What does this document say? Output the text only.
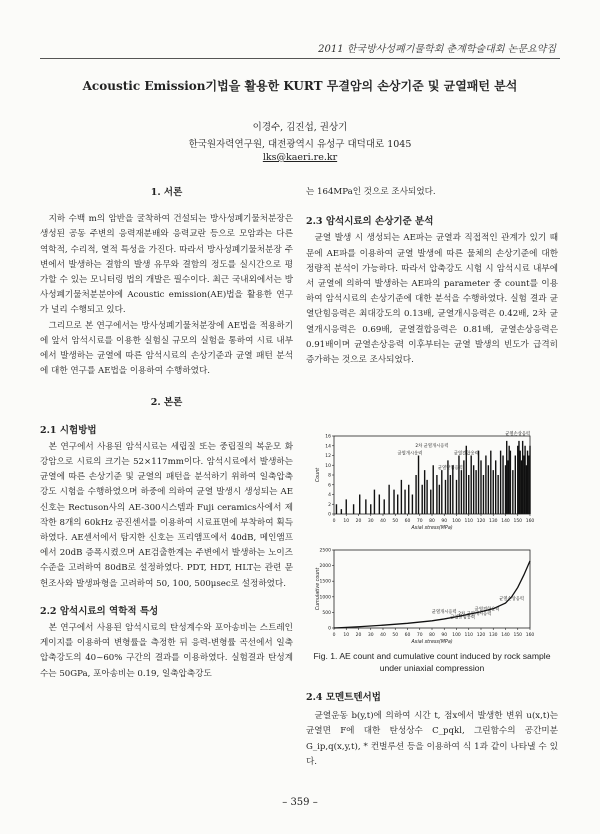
2011 한국방사성폐기물학회 춘계학술대회 논문요약집
Acoustic Emission기법을 활용한 KURT 무결암의 손상기준 및 균열패턴 분석
이경수, 김진섭, 권상기
한국원자력연구원, 대전광역시 유성구 대덕대로 1045
lks@kaeri.re.kr

1. 서론

지하 수백 m의 암반을 굴착하여 건설되는 방사성폐기물처분장은 생성된 공동 주변의 응력재분배와 응력교란 등으로 모암과는 다른 역학적, 수리적, 열적 특성을 가진다. 따라서 방사성폐기물처분장 주변에서 발생하는 결함의 발생 유무와 결함의 정도를 실시간으로 평가할 수 있는 모니터링 법의 개발은 필수이다. 최근 국내외에서는 방사성폐기물처분분야에 Acoustic emission(AE)법을 활용한 연구가 널리 수행되고 있다.

그리므로 본 연구에서는 방사성폐기물처분장에 AE법을 적용하기에 앞서 암석시료를 이용한 실험실 규모의 실험을 통하여 시료 내부에서 발생하는 균열에 따른 암석시료의 손상기준과 균열 패턴 분석에 대한 연구를 AE법을 이용하여 수행하였다.

2. 본론

2.1 시험방법

본 연구에서 사용된 암석시료는 세립질 또는 중립질의 복운모 화강암으로 시료의 크기는 52×117mm이다. 암석시료에서 발생하는 균열에 따른 손상기준 및 균열의 패턴을 분석하기 위하여 일축압축강도 시험을 수행하였으며 하중에 의하여 균열 발생시 생성되는 AE 신호는 Rectuson사의 AE-300시스템과 Fuji ceramics사에서 제작한 8개의 60kHz 공진센서를 이용하여 시료표면에 부착하여 획득하였다. AE센서에서 탐지한 신호는 프리앰프에서 40dB, 메인앰프에서 20dB 증폭시켰으며 AE검출한계는 주변에서 발생하는 노이즈 수준을 고려하여 80dB로 설정하였다. PDT, HDT, HLT는 관련 문헌조사와 발생파형을 고려하여 50, 100, 500μsec로 설정하였다.

2.2 암석시료의 역학적 특성

본 연구에서 사용된 암석시료의 탄성계수와 포아송비는 스트레인게이지를 이용하여 변형률을 측정한 뒤 응력-변형률 곡선에서 일축압축강도의 40~60% 구간의 결과를 이용하였다. 실험결과 탄성계수는 50GPa, 포아송비는 0.19, 일축압축강도

는 164MPa인 것으로 조사되었다.

2.3 암석시료의 손상기준 분석

균열 발생 시 생성되는 AE파는 균열과 직접적인 관계가 있기 때문에 AE파를 이용하여 균열 발생에 따른 물체의 손상기준에 대한 정량적 분석이 가능하다. 따라서 압축강도 시험 시 암석시료 내부에서 균열에 의하여 발생하는 AE파의 parameter 중 count를 이용하여 암석시료의 손상기준에 대한 분석을 수행하였다. 실험 결과 균열단힘응력은 최대강도의 0.13배, 균열개시응력은 0.42배, 2차 균열개시응력은 0.69배, 균열결합응력은 0.81배, 균열손상응력은 0.91배이며 균열손상응력 이후부터는 균열 발생의 빈도가 급격히 증가하는 것으로 조사되었다.

0 10 20 30 40 50 60 70 80 90 100 110 120 130 140 150 160
0
2
4
6
8
10
12
14
16
Axial stress(MPa)
Count	균열닫힘응력
균열개시응력
2차 균열개시응력
균열결합응력
균열손상응력
0 10 20 30 40 50 60 70 80 90 100 110 120 130 140 150 160
0
500
1000
1500
2000
2500
Axial stress(MPa)
Cumulative count
균열닫힘응력
균열개시응력 2차 균열개시응력
균열결합응력
균열손상응력
Fig. 1. AE count and cumulative count induced by rock sample under uniaxial compression

2.4 모멘트텐서법

균열운동 b(y,t)에 의하여 시간 t, 점x에서 발생한 변위 u(x,t)는 균열면 F에 대한 탄성상수 C_pqkl, 그린함수의 공간미분 G_ip,q(x,y,t), * 컨벌루션 등을 이용하여 식 1과 같이 나타낼 수 있다.

– 359 –
